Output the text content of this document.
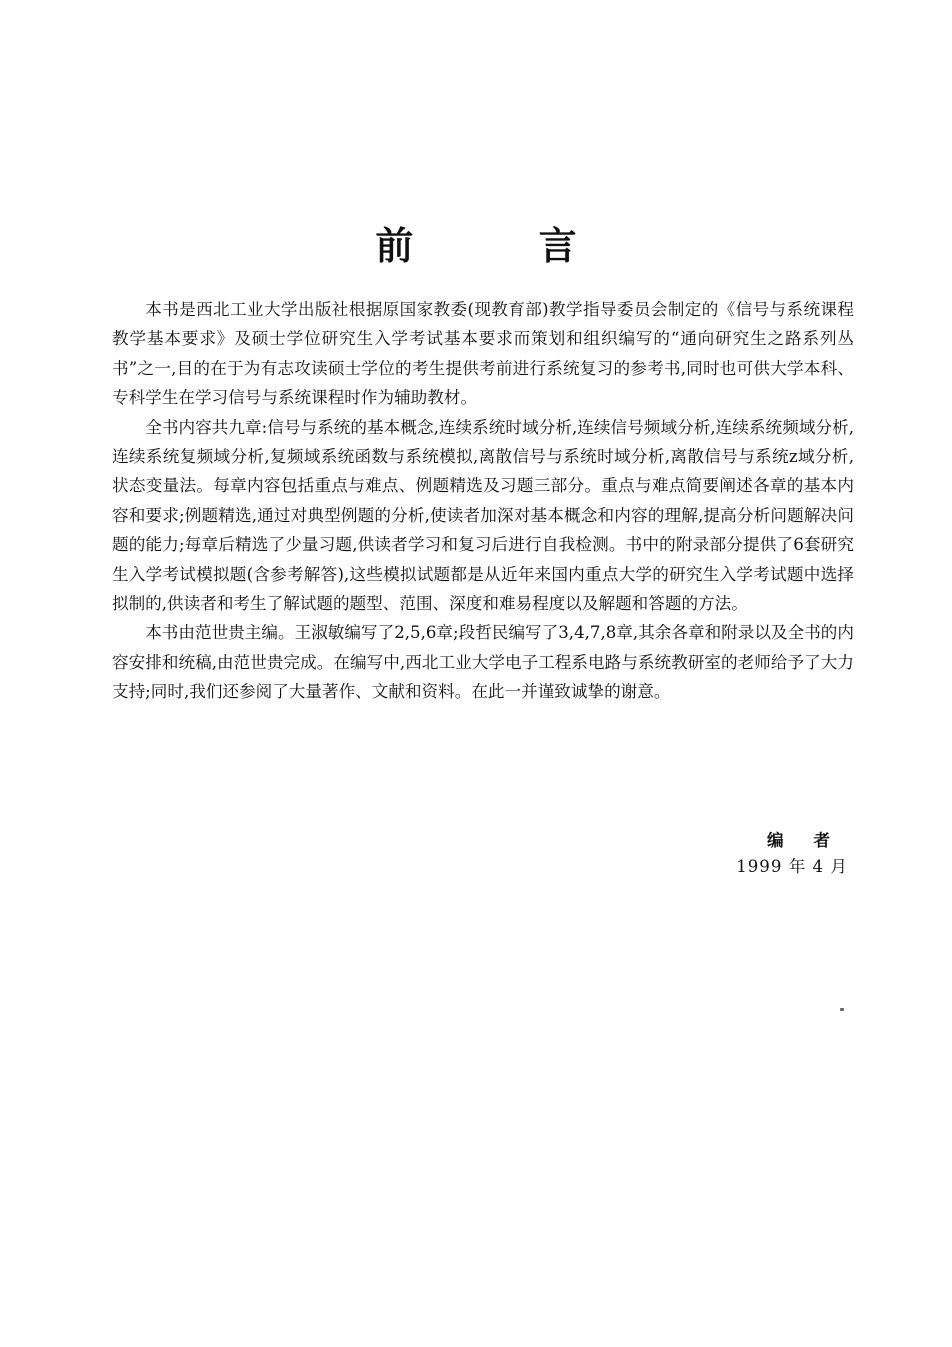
前 言

本书是西北工业大学出版社根据原国家教委(现教育部)教学指导委员会制定的《信号与系统课程教学基本要求》及硕士学位研究生入学考试基本要求而策划和组织编写的“通向研究生之路系列丛书”之一,目的在于为有志攻读硕士学位的考生提供考前进行系统复习的参考书,同时也可供大学本科、专科学生在学习信号与系统课程时作为辅助教材。

全书内容共九章:信号与系统的基本概念,连续系统时域分析,连续信号频域分析,连续系统频域分析,连续系统复频域分析,复频域系统函数与系统模拟,离散信号与系统时域分析,离散信号与系统z域分析,状态变量法。每章内容包括重点与难点、例题精选及习题三部分。重点与难点简要阐述各章的基本内容和要求;例题精选,通过对典型例题的分析,使读者加深对基本概念和内容的理解,提高分析问题解决问题的能力;每章后精选了少量习题,供读者学习和复习后进行自我检测。书中的附录部分提供了6套研究生入学考试模拟题(含参考解答),这些模拟试题都是从近年来国内重点大学的研究生入学考试题中选择拟制的,供读者和考生了解试题的题型、范围、深度和难易程度以及解题和答题的方法。

本书由范世贵主编。王淑敏编写了2,5,6章;段哲民编写了3,4,7,8章,其余各章和附录以及全书的内容安排和统稿,由范世贵完成。在编写中,西北工业大学电子工程系电路与系统教研室的老师给予了大力支持;同时,我们还参阅了大量著作、文献和资料。在此一并谨致诚挚的谢意。

编 者
1999 年 4 月
